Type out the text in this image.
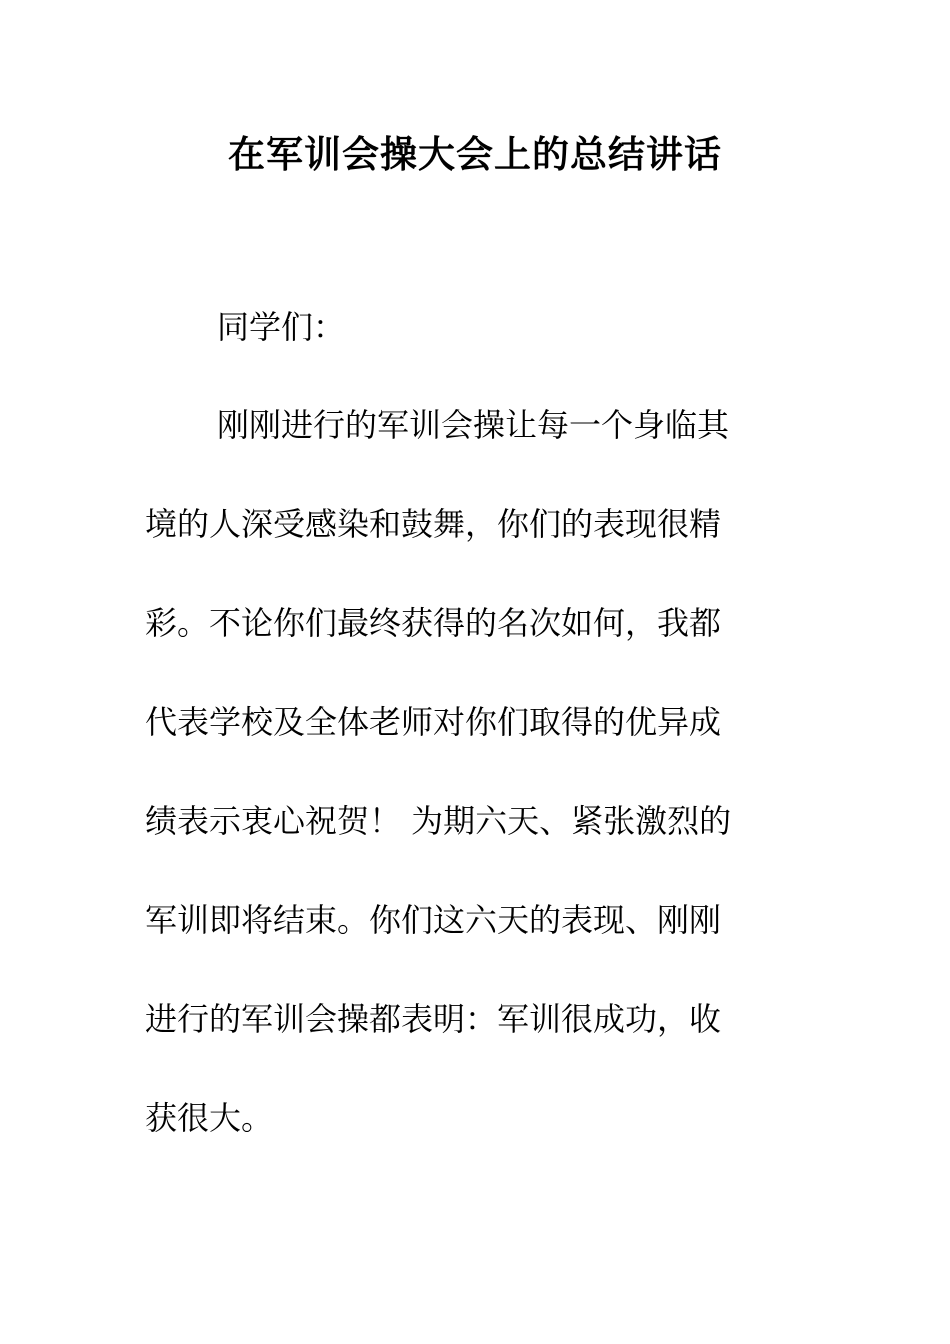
在军训会操大会上的总结讲话
同学们：
刚刚进行的军训会操让每一个身临其
境的人深受感染和鼓舞，你们的表现很精
彩。不论你们最终获得的名次如何，我都
代表学校及全体老师对你们取得的优异成
绩表示衷心祝贺！ 为期六天、紧张激烈的
军训即将结束。你们这六天的表现、刚刚
进行的军训会操都表明：军训很成功，收
获很大。
